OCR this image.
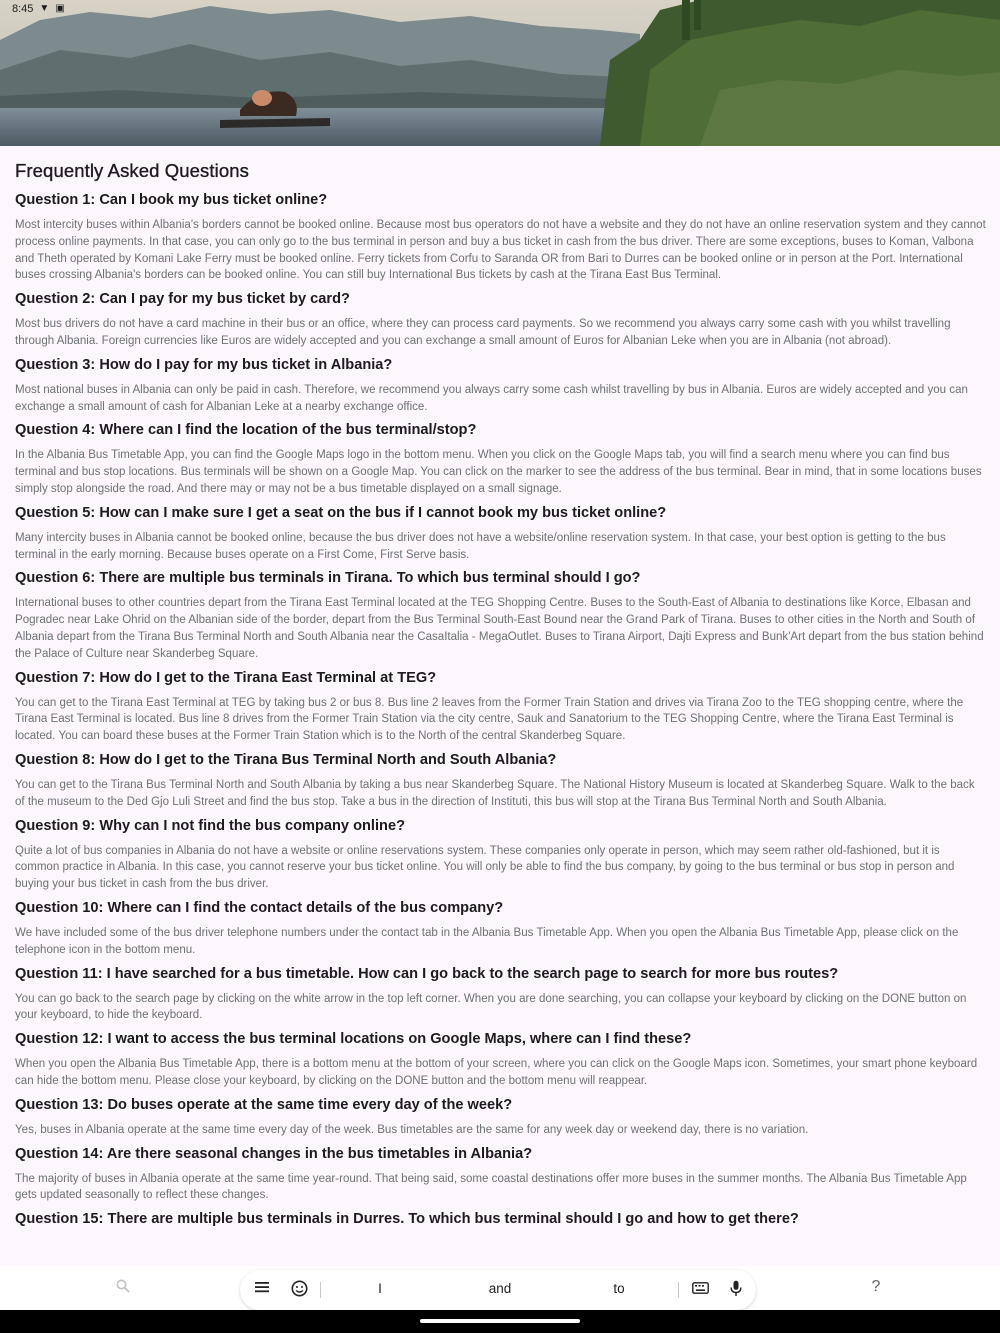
8:45 ▼ ▣
Frequently Asked Questions
Question 1: Can I book my bus ticket online?
Most intercity buses within Albania's borders cannot be booked online. Because most bus operators do not have a website and they do not have an online reservation system and they cannot process online payments. In that case, you can only go to the bus terminal in person and buy a bus ticket in cash from the bus driver. There are some exceptions, buses to Koman, Valbona and Theth operated by Komani Lake Ferry must be booked online. Ferry tickets from Corfu to Saranda OR from Bari to Durres can be booked online or in person at the Port. International buses crossing Albania's borders can be booked online. You can still buy International Bus tickets by cash at the Tirana East Bus Terminal.
Question 2: Can I pay for my bus ticket by card?
Most bus drivers do not have a card machine in their bus or an office, where they can process card payments. So we recommend you always carry some cash with you whilst travelling through Albania. Foreign currencies like Euros are widely accepted and you can exchange a small amount of Euros for Albanian Leke when you are in Albania (not abroad).
Question 3: How do I pay for my bus ticket in Albania?
Most national buses in Albania can only be paid in cash. Therefore, we recommend you always carry some cash whilst travelling by bus in Albania. Euros are widely accepted and you can exchange a small amount of cash for Albanian Leke at a nearby exchange office.
Question 4: Where can I find the location of the bus terminal/stop?
In the Albania Bus Timetable App, you can find the Google Maps logo in the bottom menu. When you click on the Google Maps tab, you will find a search menu where you can find bus terminal and bus stop locations. Bus terminals will be shown on a Google Map. You can click on the marker to see the address of the bus terminal. Bear in mind, that in some locations buses simply stop alongside the road. And there may or may not be a bus timetable displayed on a small signage.
Question 5: How can I make sure I get a seat on the bus if I cannot book my bus ticket online?
Many intercity buses in Albania cannot be booked online, because the bus driver does not have a website/online reservation system. In that case, your best option is getting to the bus terminal in the early morning. Because buses operate on a First Come, First Serve basis.
Question 6: There are multiple bus terminals in Tirana. To which bus terminal should I go?
International buses to other countries depart from the Tirana East Terminal located at the TEG Shopping Centre. Buses to the South-East of Albania to destinations like Korce, Elbasan and Pogradec near Lake Ohrid on the Albanian side of the border, depart from the Bus Terminal South-East Bound near the Grand Park of Tirana. Buses to other cities in the North and South of Albania depart from the Tirana Bus Terminal North and South Albania near the CasaItalia - MegaOutlet. Buses to Tirana Airport, Dajti Express and Bunk'Art depart from the bus station behind the Palace of Culture near Skanderbeg Square.
Question 7: How do I get to the Tirana East Terminal at TEG?
You can get to the Tirana East Terminal at TEG by taking bus 2 or bus 8. Bus line 2 leaves from the Former Train Station and drives via Tirana Zoo to the TEG shopping centre, where the Tirana East Terminal is located. Bus line 8 drives from the Former Train Station via the city centre, Sauk and Sanatorium to the TEG Shopping Centre, where the Tirana East Terminal is located. You can board these buses at the Former Train Station which is to the North of the central Skanderbeg Square.
Question 8: How do I get to the Tirana Bus Terminal North and South Albania?
You can get to the Tirana Bus Terminal North and South Albania by taking a bus near Skanderbeg Square. The National History Museum is located at Skanderbeg Square. Walk to the back of the museum to the Ded Gjo Luli Street and find the bus stop. Take a bus in the direction of Instituti, this bus will stop at the Tirana Bus Terminal North and South Albania.
Question 9: Why can I not find the bus company online?
Quite a lot of bus companies in Albania do not have a website or online reservations system. These companies only operate in person, which may seem rather old-fashioned, but it is common practice in Albania. In this case, you cannot reserve your bus ticket online. You will only be able to find the bus company, by going to the bus terminal or bus stop in person and buying your bus ticket in cash from the bus driver.
Question 10: Where can I find the contact details of the bus company?
We have included some of the bus driver telephone numbers under the contact tab in the Albania Bus Timetable App. When you open the Albania Bus Timetable App, please click on the telephone icon in the bottom menu.
Question 11: I have searched for a bus timetable. How can I go back to the search page to search for more bus routes?
You can go back to the search page by clicking on the white arrow in the top left corner. When you are done searching, you can collapse your keyboard by clicking on the DONE button on your keyboard, to hide the keyboard.
Question 12: I want to access the bus terminal locations on Google Maps, where can I find these?
When you open the Albania Bus Timetable App, there is a bottom menu at the bottom of your screen, where you can click on the Google Maps icon. Sometimes, your smart phone keyboard can hide the bottom menu. Please close your keyboard, by clicking on the DONE button and the bottom menu will reappear.
Question 13: Do buses operate at the same time every day of the week?
Yes, buses in Albania operate at the same time every day of the week. Bus timetables are the same for any week day or weekend day, there is no variation.
Question 14: Are there seasonal changes in the bus timetables in Albania?
The majority of buses in Albania operate at the same time year-round. That being said, some coastal destinations offer more buses in the summer months. The Albania Bus Timetable App gets updated seasonally to reflect these changes.
Question 15: There are multiple bus terminals in Durres. To which bus terminal should I go and how to get there?
I	and	to	?
